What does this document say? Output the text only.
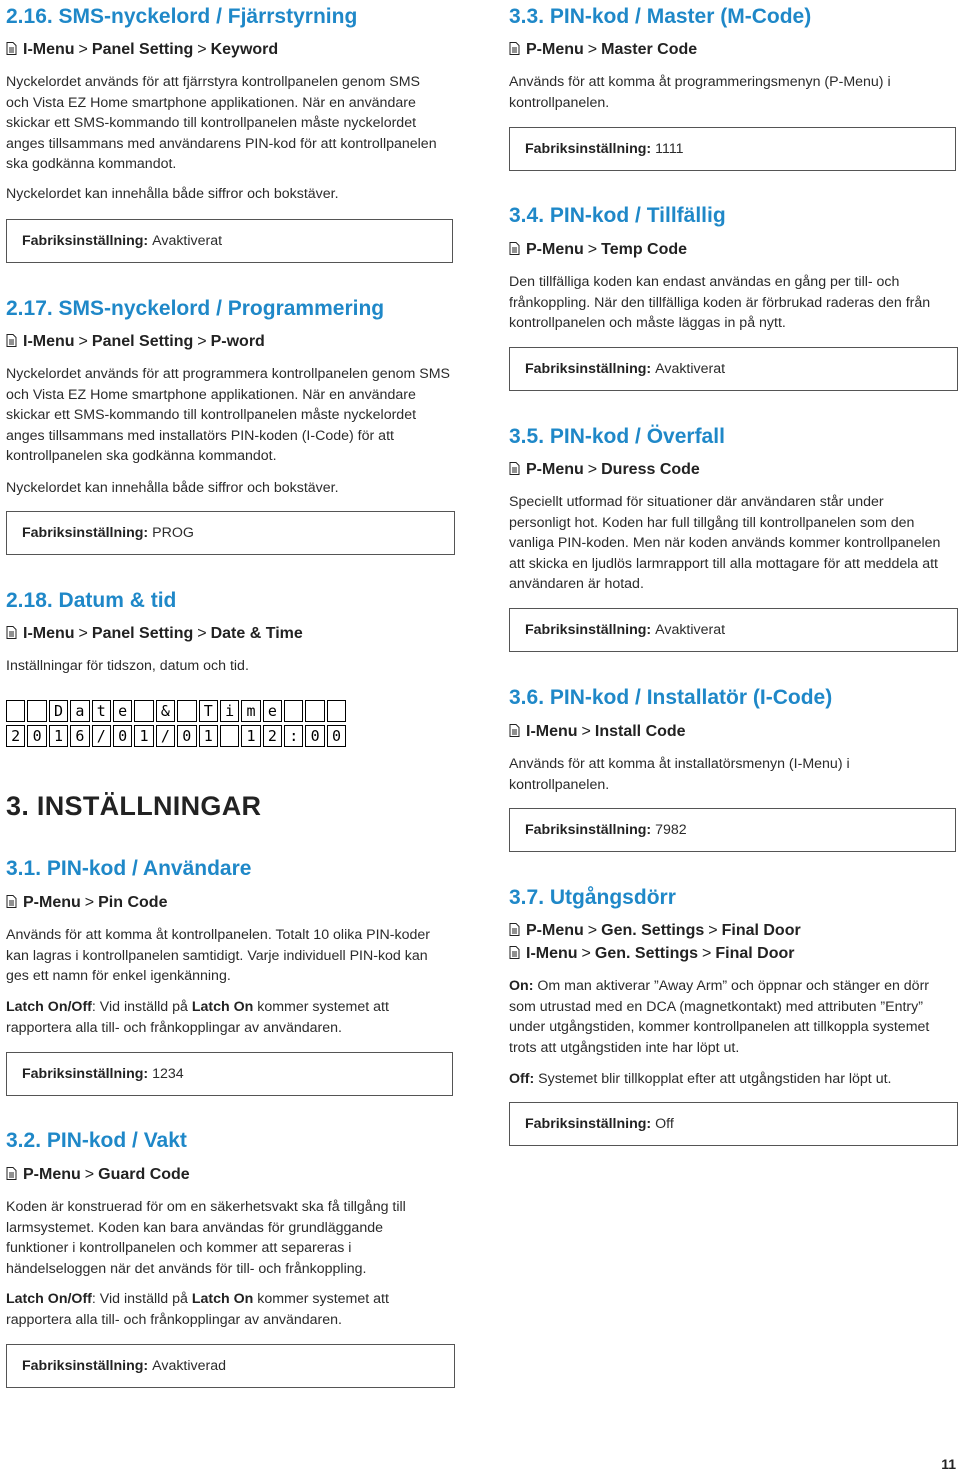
2.16. SMS-nyckelord / Fjärrstyrning
I-Menu > Panel Setting > Keyword

Nyckelordet används för att fjärrstyra kontrollpanelen genom SMS och Vista EZ Home smartphone applikationen. När en användare skickar ett SMS-kommando till kontrollpanelen måste nyckelordet anges tillsammans med användarens PIN-kod för att kontrollpanelen ska godkänna kommandot.

Nyckelordet kan innehålla både siffror och bokstäver.

Fabriksinställning: Avaktiverat
2.17. SMS-nyckelord / Programmering
I-Menu > Panel Setting > P-word

Nyckelordet används för att programmera kontrollpanelen genom SMS och Vista EZ Home smartphone applikationen. När en användare skickar ett SMS-kommando till kontrollpanelen måste nyckelordet anges tillsammans med installatörs PIN-koden (I-Code) för att kontrollpanelen ska godkänna kommandot.

Nyckelordet kan innehålla både siffror och bokstäver.

Fabriksinställning: PROG
2.18. Datum & tid
I-Menu > Panel Setting > Date & Time

Inställningar för tidszon, datum och tid.

D a t e	&	T i m e
2 0 1 6 / 0 1 / 0 1	1 2 : 0 0
3. INSTÄLLNINGAR
3.1. PIN-kod / Användare
P-Menu > Pin Code

Används för att komma åt kontrollpanelen. Totalt 10 olika PIN-koder kan lagras i kontrollpanelen samtidigt. Varje individuell PIN-kod kan ges ett namn för enkel igenkänning.

Latch On/Off: Vid inställd på Latch On kommer systemet att rapportera alla till- och frånkopplingar av användaren.

Fabriksinställning: 1234
3.2. PIN-kod / Vakt
P-Menu > Guard Code

Koden är konstruerad för om en säkerhetsvakt ska få tillgång till larmsystemet. Koden kan bara användas för grundläggande funktioner i kontrollpanelen och kommer att separeras i händelseloggen när det används för till- och frånkoppling.

Latch On/Off: Vid inställd på Latch On kommer systemet att rapportera alla till- och frånkopplingar av användaren.

Fabriksinställning: Avaktiverad
3.3. PIN-kod / Master (M-Code)
P-Menu > Master Code

Används för att komma åt programmeringsmenyn (P-Menu) i kontrollpanelen.

Fabriksinställning: 1111
3.4. PIN-kod / Tillfällig
P-Menu > Temp Code

Den tillfälliga koden kan endast användas en gång per till- och frånkoppling. När den tillfälliga koden är förbrukad raderas den från kontrollpanelen och måste läggas in på nytt.

Fabriksinställning: Avaktiverat
3.5. PIN-kod / Överfall
P-Menu > Duress Code

Speciellt utformad för situationer där användaren står under personligt hot. Koden har full tillgång till kontrollpanelen som den vanliga PIN-koden. Men när koden används kommer kontrollpanelen att skicka en ljudlös larmrapport till alla mottagare för att meddela att användaren är hotad.

Fabriksinställning: Avaktiverat
3.6. PIN-kod / Installatör (I-Code)
I-Menu > Install Code

Används för att komma åt installatörsmenyn (I-Menu) i kontrollpanelen.

Fabriksinställning: 7982
3.7. Utgångsdörr
P-Menu > Gen. Settings > Final Door
I-Menu > Gen. Settings > Final Door

On: Om man aktiverar ”Away Arm” och öppnar och stänger en dörr som utrustad med en DCA (magnetkontakt) med attributen ”Entry” under utgångstiden, kommer kontrollpanelen att tillkoppla systemet trots att utgångstiden inte har löpt ut.

Off: Systemet blir tillkopplat efter att utgångstiden har löpt ut.

Fabriksinställning: Off
11
